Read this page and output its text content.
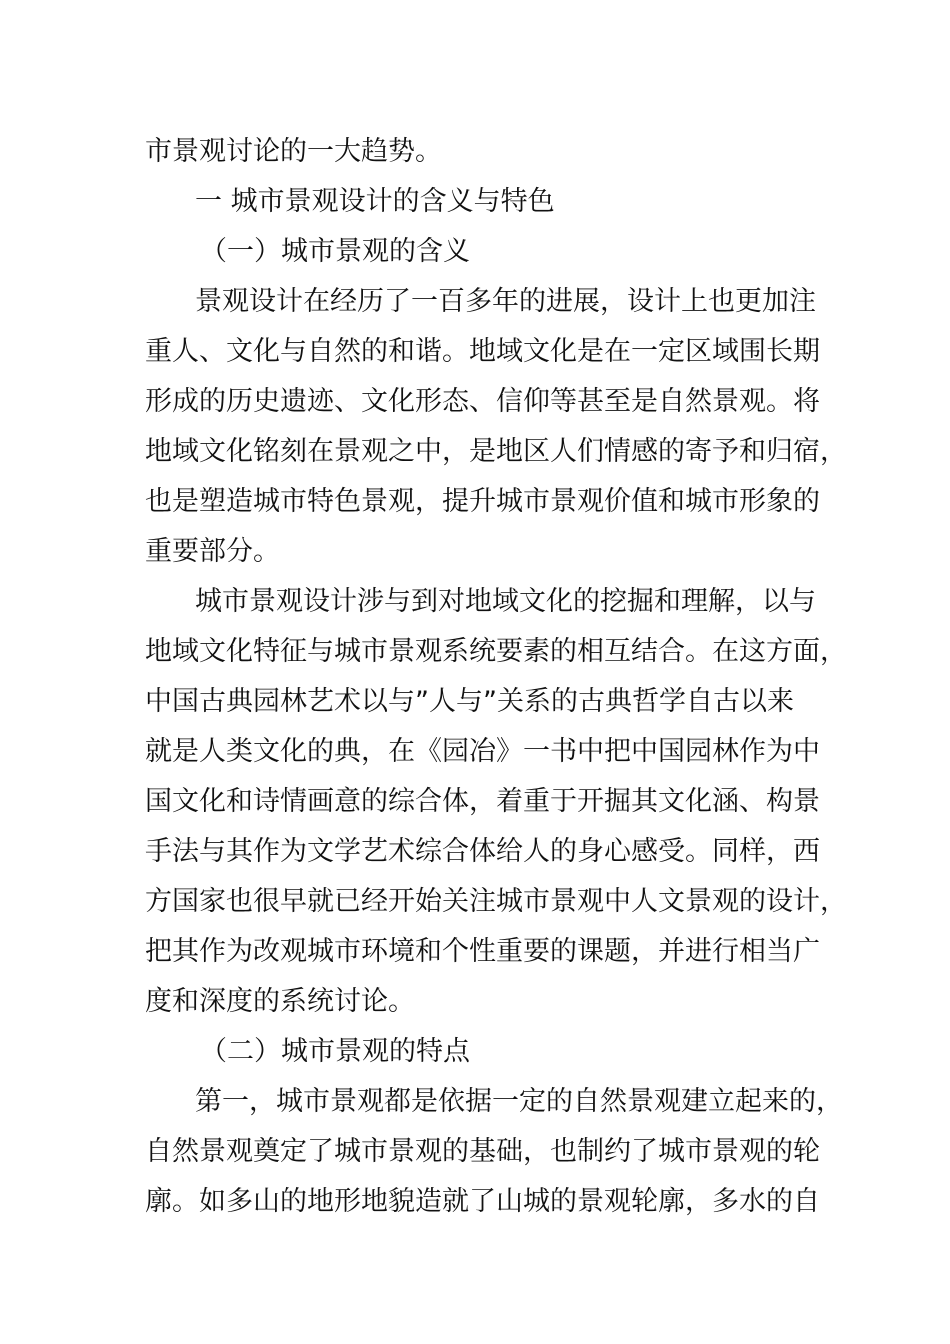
市景观讨论的一大趋势。
一 城市景观设计的含义与特色
（一）城市景观的含义
景观设计在经历了一百多年的进展，设计上也更加注
重人、文化与自然的和谐。地域文化是在一定区域围长期
形成的历史遗迹、文化形态、信仰等甚至是自然景观。将
地域文化铭刻在景观之中，是地区人们情感的寄予和归宿，
也是塑造城市特色景观，提升城市景观价值和城市形象的
重要部分。
城市景观设计涉与到对地域文化的挖掘和理解，以与
地域文化特征与城市景观系统要素的相互结合。在这方面，
中国古典园林艺术以与”人与”关系的古典哲学自古以来
就是人类文化的典，在《园冶》一书中把中国园林作为中
国文化和诗情画意的综合体，着重于开掘其文化涵、构景
手法与其作为文学艺术综合体给人的身心感受。同样，西
方国家也很早就已经开始关注城市景观中人文景观的设计，
把其作为改观城市环境和个性重要的课题，并进行相当广
度和深度的系统讨论。
（二）城市景观的特点
第一，城市景观都是依据一定的自然景观建立起来的，
自然景观奠定了城市景观的基础，也制约了城市景观的轮
廓。如多山的地形地貌造就了山城的景观轮廓，多水的自
